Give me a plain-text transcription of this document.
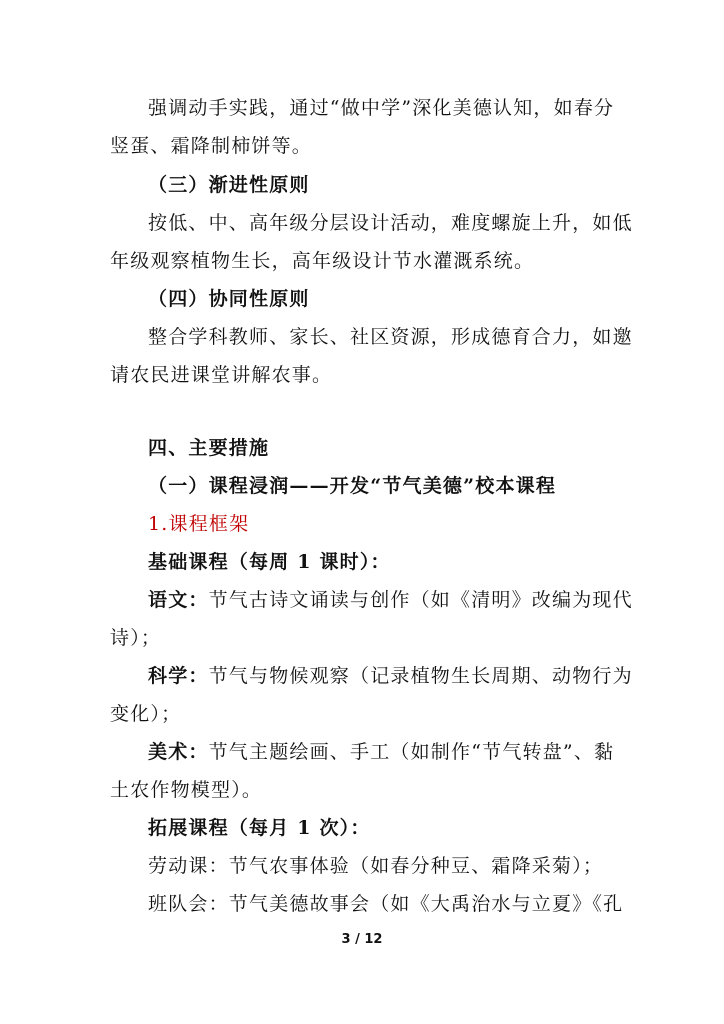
强调动手实践，通过“做中学”深化美德认知，如春分
竖蛋、霜降制柿饼等。
（三）渐进性原则
按低、中、高年级分层设计活动，难度螺旋上升，如低
年级观察植物生长，高年级设计节水灌溉系统。
（四）协同性原则
整合学科教师、家长、社区资源，形成德育合力，如邀
请农民进课堂讲解农事。
四、主要措施
（一）课程浸润——开发“节气美德”校本课程
1.课程框架
基础课程（每周 1 课时）：
语文：节气古诗文诵读与创作（如《清明》改编为现代
诗）；
科学：节气与物候观察（记录植物生长周期、动物行为
变化）；
美术：节气主题绘画、手工（如制作“节气转盘”、黏
土农作物模型）。
拓展课程（每月 1 次）：
劳动课：节气农事体验（如春分种豆、霜降采菊）；
班队会：节气美德故事会（如《大禹治水与立夏》《孔
3 / 12
